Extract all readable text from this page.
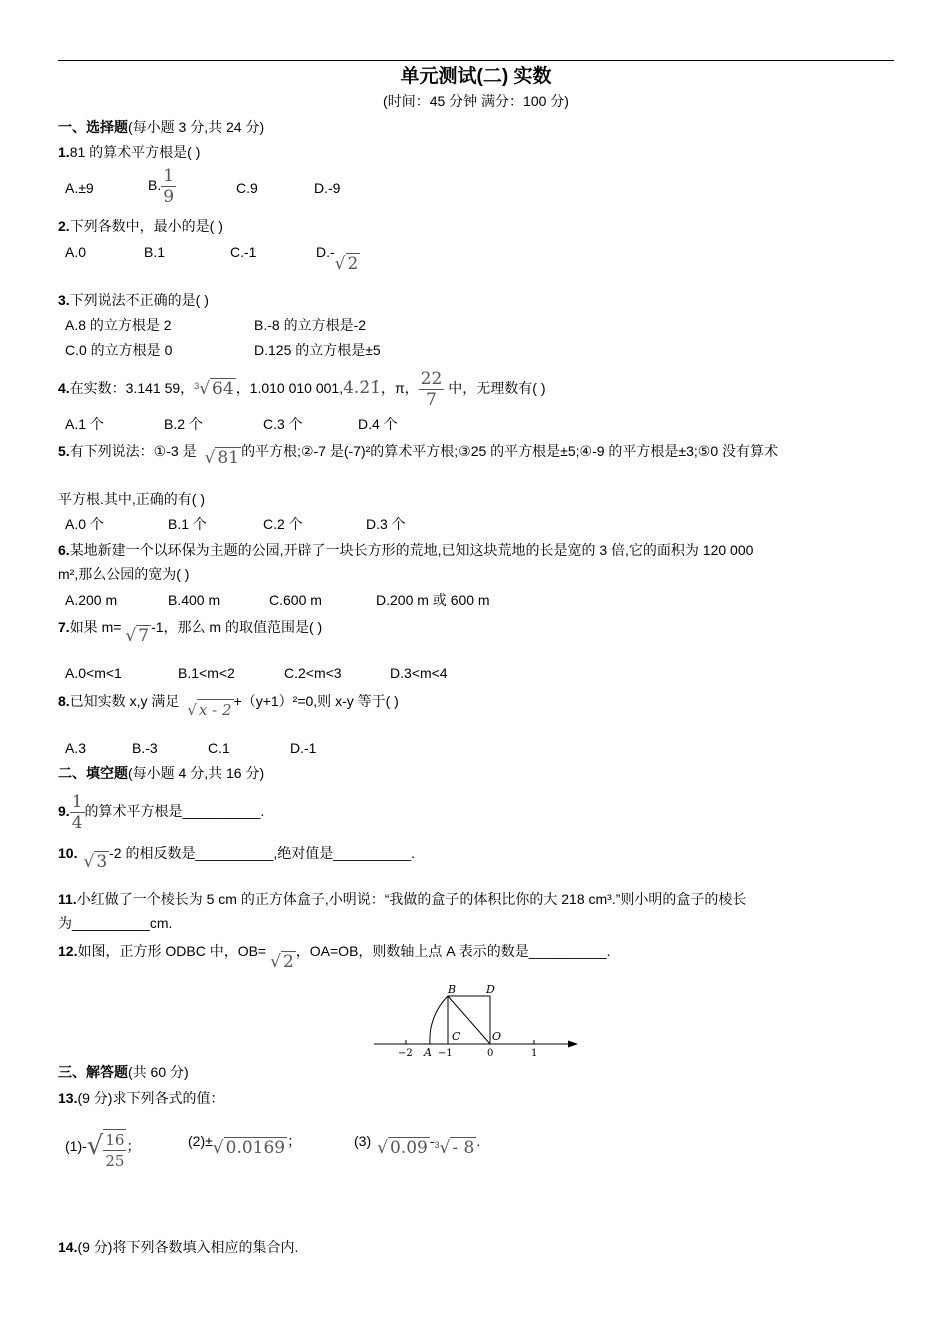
单元测试(二) 实数
(时间：45 分钟 满分：100 分)
一、选择题(每小题 3 分,共 24 分)
1.81 的算术平方根是( )
A.±9	B. $\frac{1}{9}$	C.9	D.-9
2.下列各数中，最小的是( )
A.0	B.1	C.-1	D.-√ 2
3.下列说法不正确的是( )
A.8 的立方根是 2	B.-8 的立方根是-2
C.0 的立方根是 0	D.125 的立方根是±5
4.在实数：3.141 59，$^3$√ 64 ，1.010 010 001,4.2̇1̇，π， $\frac{22}{7}$ 中，无理数有( )
A.1 个	B.2 个	C.3 个	D.4 个
5.有下列说法：①-3 是 √ 81 的平方根;②-7 是(-7)²的算术平方根;③25 的平方根是±5;④-9 的平方根是±3;⑤0 没有算术
平方根.其中,正确的有( )
A.0 个	B.1 个	C.2 个	D.3 个
6.某地新建一个以环保为主题的公园,开辟了一块长方形的荒地,已知这块荒地的长是宽的 3 倍,它的面积为 120 000
m²,那么公园的宽为( )
A.200 m	B.400 m	C.600 m	D.200 m 或 600 m
7.如果 m= √ 7 -1，那么 m 的取值范围是( )
A.0<m<1	B.1<m<2	C.2<m<3	D.3<m<4
8.已知实数 x,y 满足√ x - 2+（y+1）²=0,则 x-y 等于( )
A.3	B.-3	C.1	D.-1
二、填空题(每小题 4 分,共 16 分)
9. $\frac{1}{4}$ 的算术平方根是__________.
10. √ 3 -2 的相反数是__________,绝对值是__________.
11.小红做了一个棱长为 5 cm 的正方体盒子,小明说：“我做的盒子的体积比你的大 218 cm³.”则小明的盒子的棱长
为__________cm.
12.如图，正方形 ODBC 中，OB=√ 2，OA=OB，则数轴上点 A 表示的数是__________.
B	D
C	O
A
−2	−1	0	1
三、解答题(共 60 分)
13.(9 分)求下列各式的值：
$(1)-√ \frac{16}{25}$ ；	(2)±√ 0.0169 ；	(3) √ 0.09 -$^3$√ - 8 .
14.(9 分)将下列各数填入相应的集合内.
